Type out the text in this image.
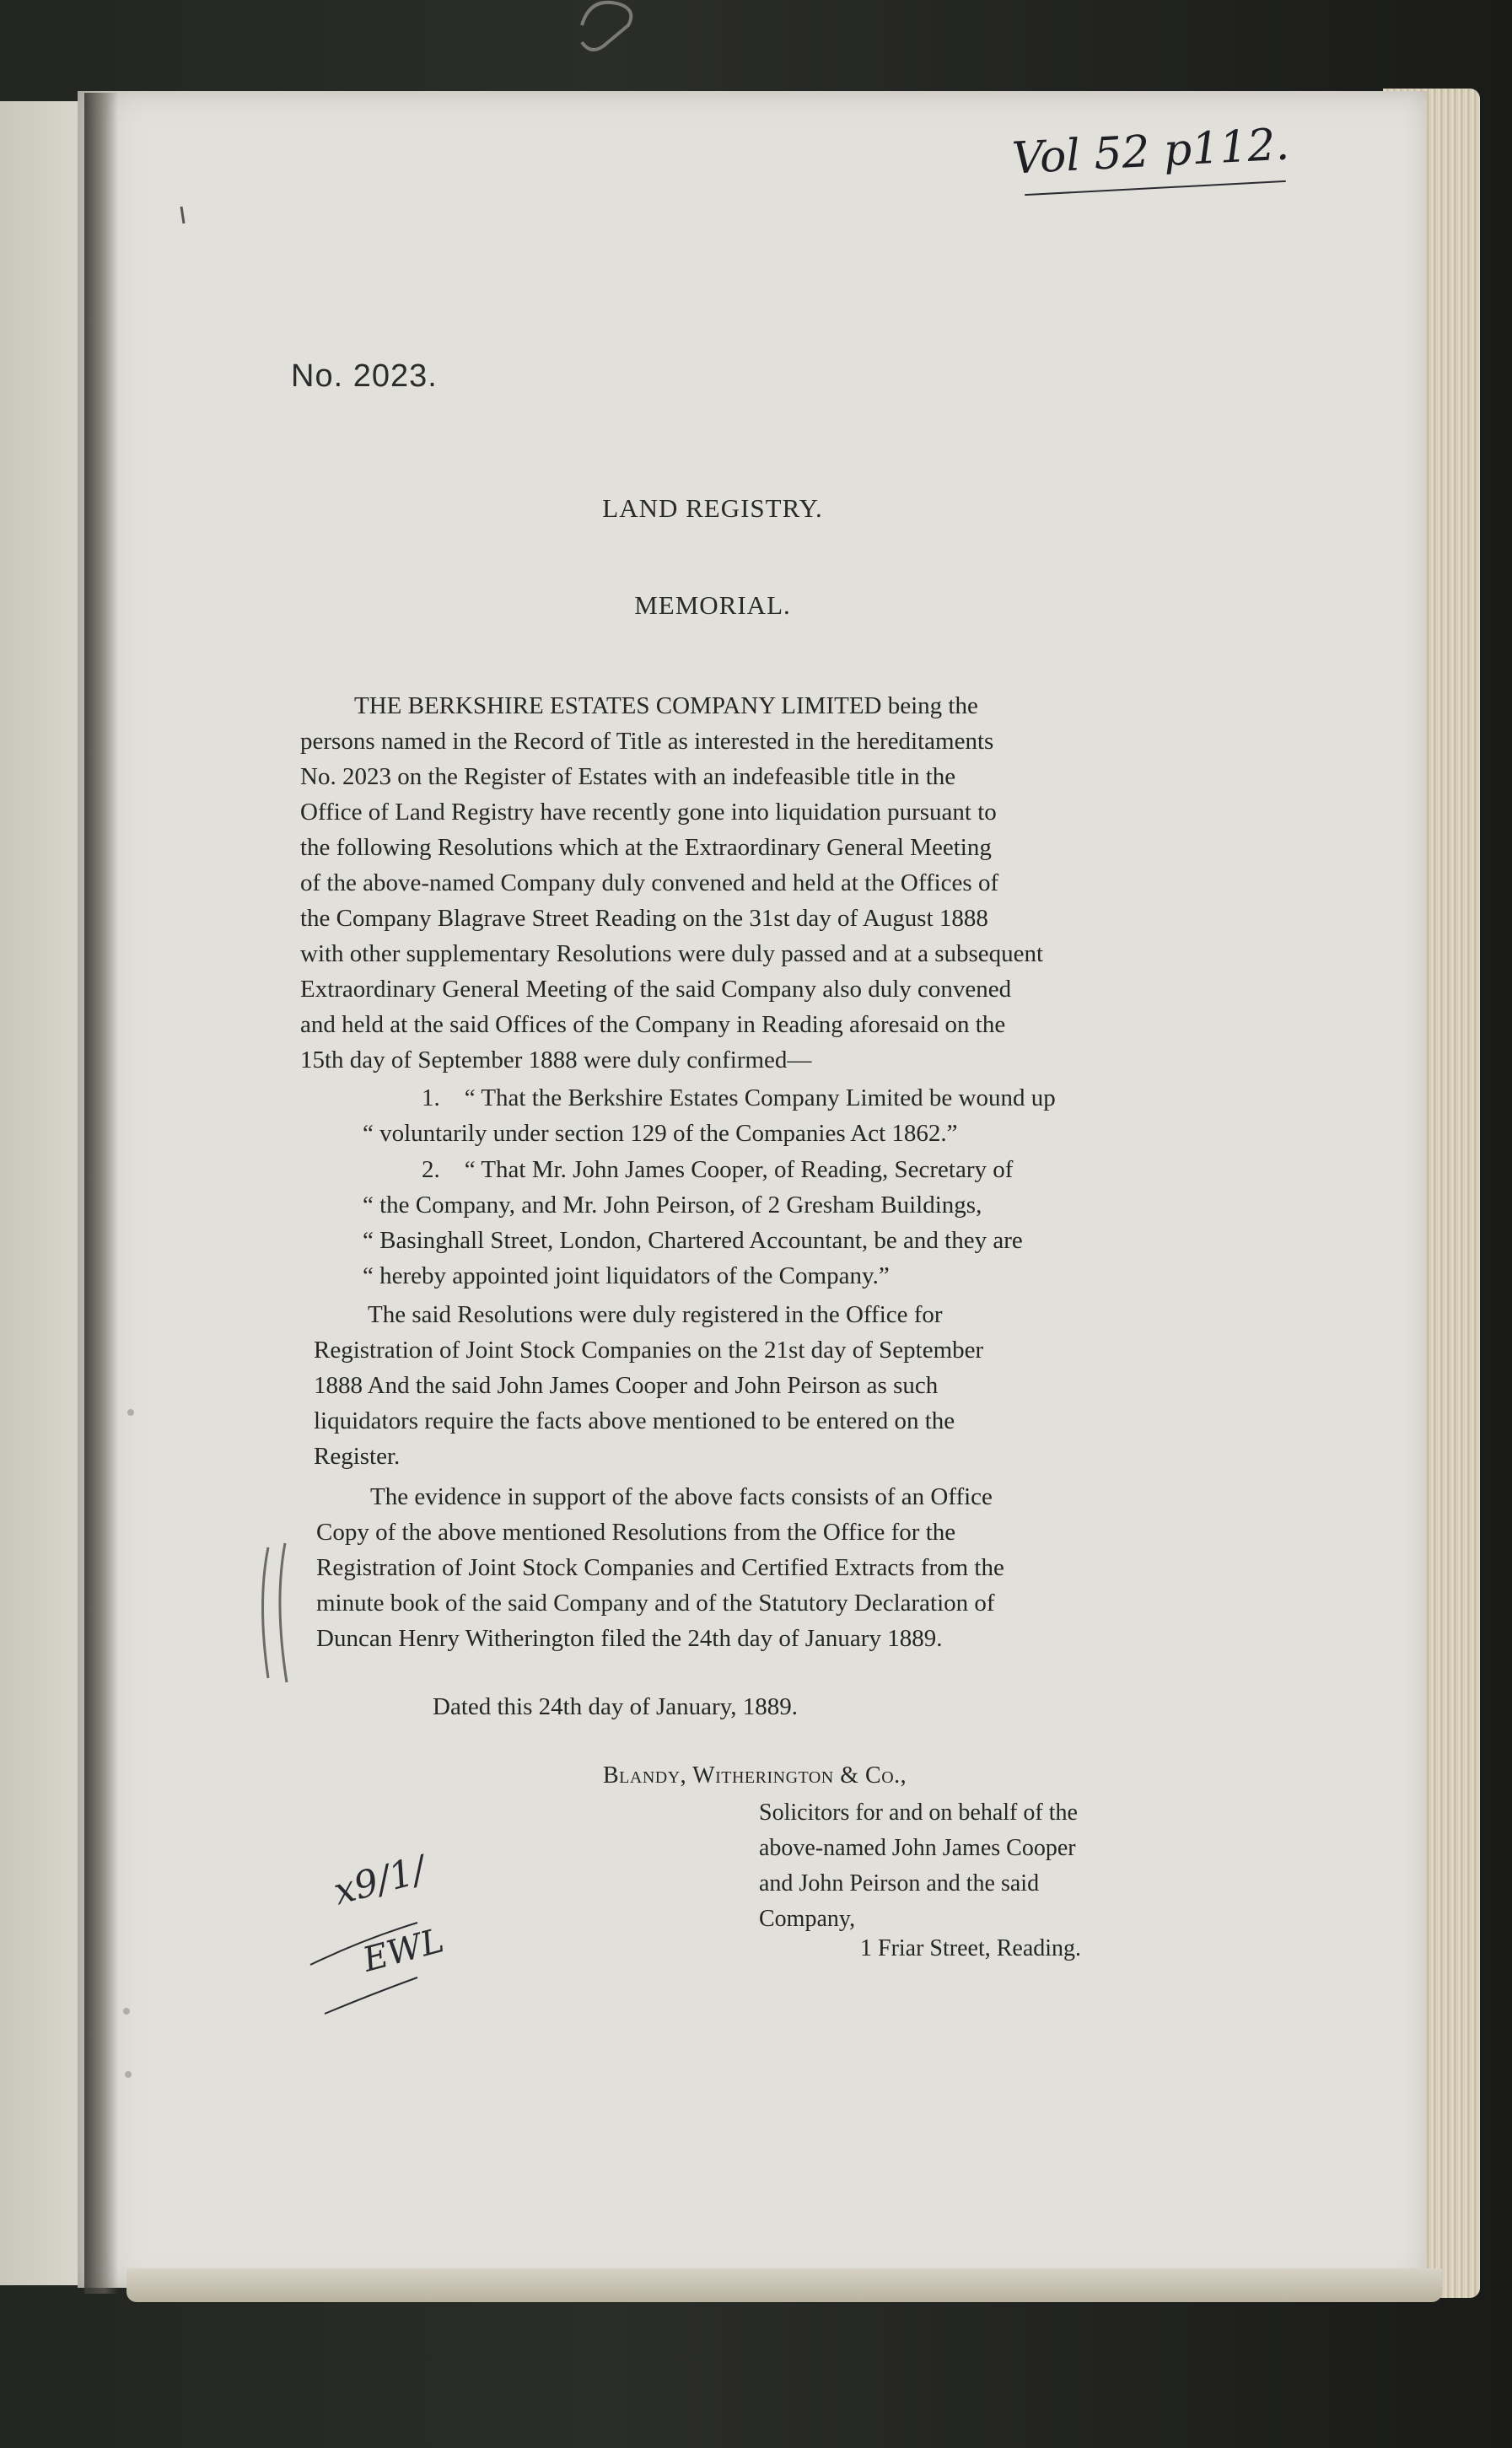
Vol 52 p112.
No. 2023.
LAND REGISTRY.
MEMORIAL.
THE BERKSHIRE ESTATES COMPANY LIMITED being the
persons named in the Record of Title as interested in the hereditaments
No. 2023 on the Register of Estates with an indefeasible title in the
Office of Land Registry have recently gone into liquidation pursuant to
the following Resolutions which at the Extraordinary General Meeting
of the above-named Company duly convened and held at the Offices of
the Company Blagrave Street Reading on the 31st day of August 1888
with other supplementary Resolutions were duly passed and at a subsequent
Extraordinary General Meeting of the said Company also duly convened
and held at the said Offices of the Company in Reading aforesaid on the
15th day of September 1888 were duly confirmed—
1. “ That the Berkshire Estates Company Limited be wound up
“ voluntarily under section 129 of the Companies Act 1862.”
2. “ That Mr. John James Cooper, of Reading, Secretary of
“ the Company, and Mr. John Peirson, of 2 Gresham Buildings,
“ Basinghall Street, London, Chartered Accountant, be and they are
“ hereby appointed joint liquidators of the Company.”
The said Resolutions were duly registered in the Office for
Registration of Joint Stock Companies on the 21st day of September
1888 And the said John James Cooper and John Peirson as such
liquidators require the facts above mentioned to be entered on the
Register.
The evidence in support of the above facts consists of an Office
Copy of the above mentioned Resolutions from the Office for the
Registration of Joint Stock Companies and Certified Extracts from the
minute book of the said Company and of the Statutory Declaration of
Duncan Henry Witherington filed the 24th day of January 1889.
Dated this 24th day of January, 1889.
Blandy, Witherington & Co.,
Solicitors for and on behalf of the
above-named John James Cooper
and John Peirson and the said
Company,
1 Friar Street, Reading.
x9/1/
EWL
